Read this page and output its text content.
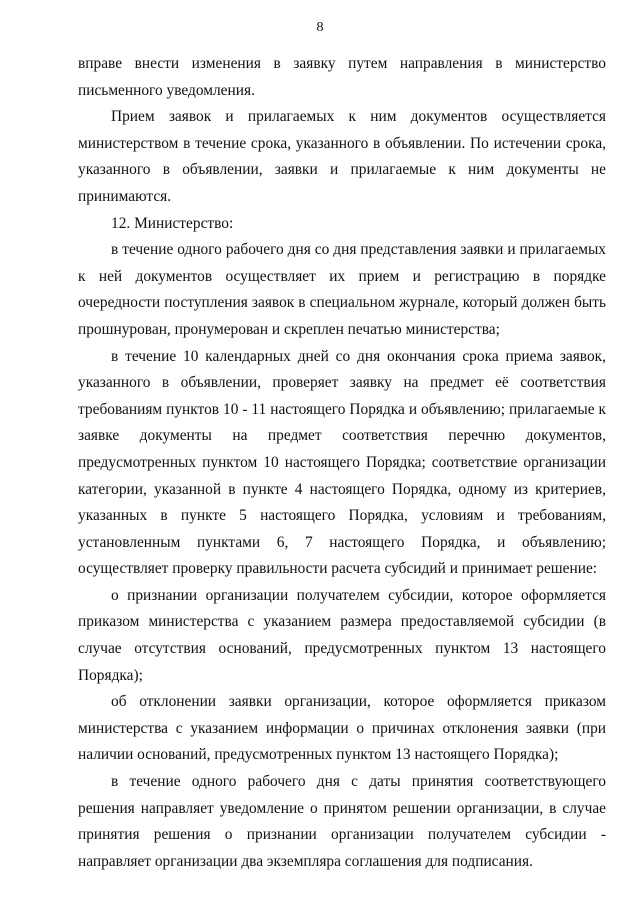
8

вправе внести изменения в заявку путем направления в министерство письменного уведомления.

Прием заявок и прилагаемых к ним документов осуществляется министерством в течение срока, указанного в объявлении. По истечении срока, указанного в объявлении, заявки и прилагаемые к ним документы не принимаются.

12. Министерство:

в течение одного рабочего дня со дня представления заявки и прилагаемых к ней документов осуществляет их прием и регистрацию в порядке очередности поступления заявок в специальном журнале, который должен быть прошнурован, пронумерован и скреплен печатью министерства;

в течение 10 календарных дней со дня окончания срока приема заявок, указанного в объявлении, проверяет заявку на предмет её соответствия требованиям пунктов 10 - 11 настоящего Порядка и объявлению; прилагаемые к заявке документы на предмет соответствия перечню документов, предусмотренных пунктом 10 настоящего Порядка; соответствие организации категории, указанной в пункте 4 настоящего Порядка, одному из критериев, указанных в пункте 5 настоящего Порядка, условиям и требованиям, установленным пунктами 6, 7 настоящего Порядка, и объявлению; осуществляет проверку правильности расчета субсидий и принимает решение:

о признании организации получателем субсидии, которое оформляется приказом министерства с указанием размера предоставляемой субсидии (в случае отсутствия оснований, предусмотренных пунктом 13 настоящего Порядка);

об отклонении заявки организации, которое оформляется приказом министерства с указанием информации о причинах отклонения заявки (при наличии оснований, предусмотренных пунктом 13 настоящего Порядка);

в течение одного рабочего дня с даты принятия соответствующего решения направляет уведомление о принятом решении организации, в случае принятия решения о признании организации получателем субсидии - направляет организации два экземпляра соглашения для подписания.
